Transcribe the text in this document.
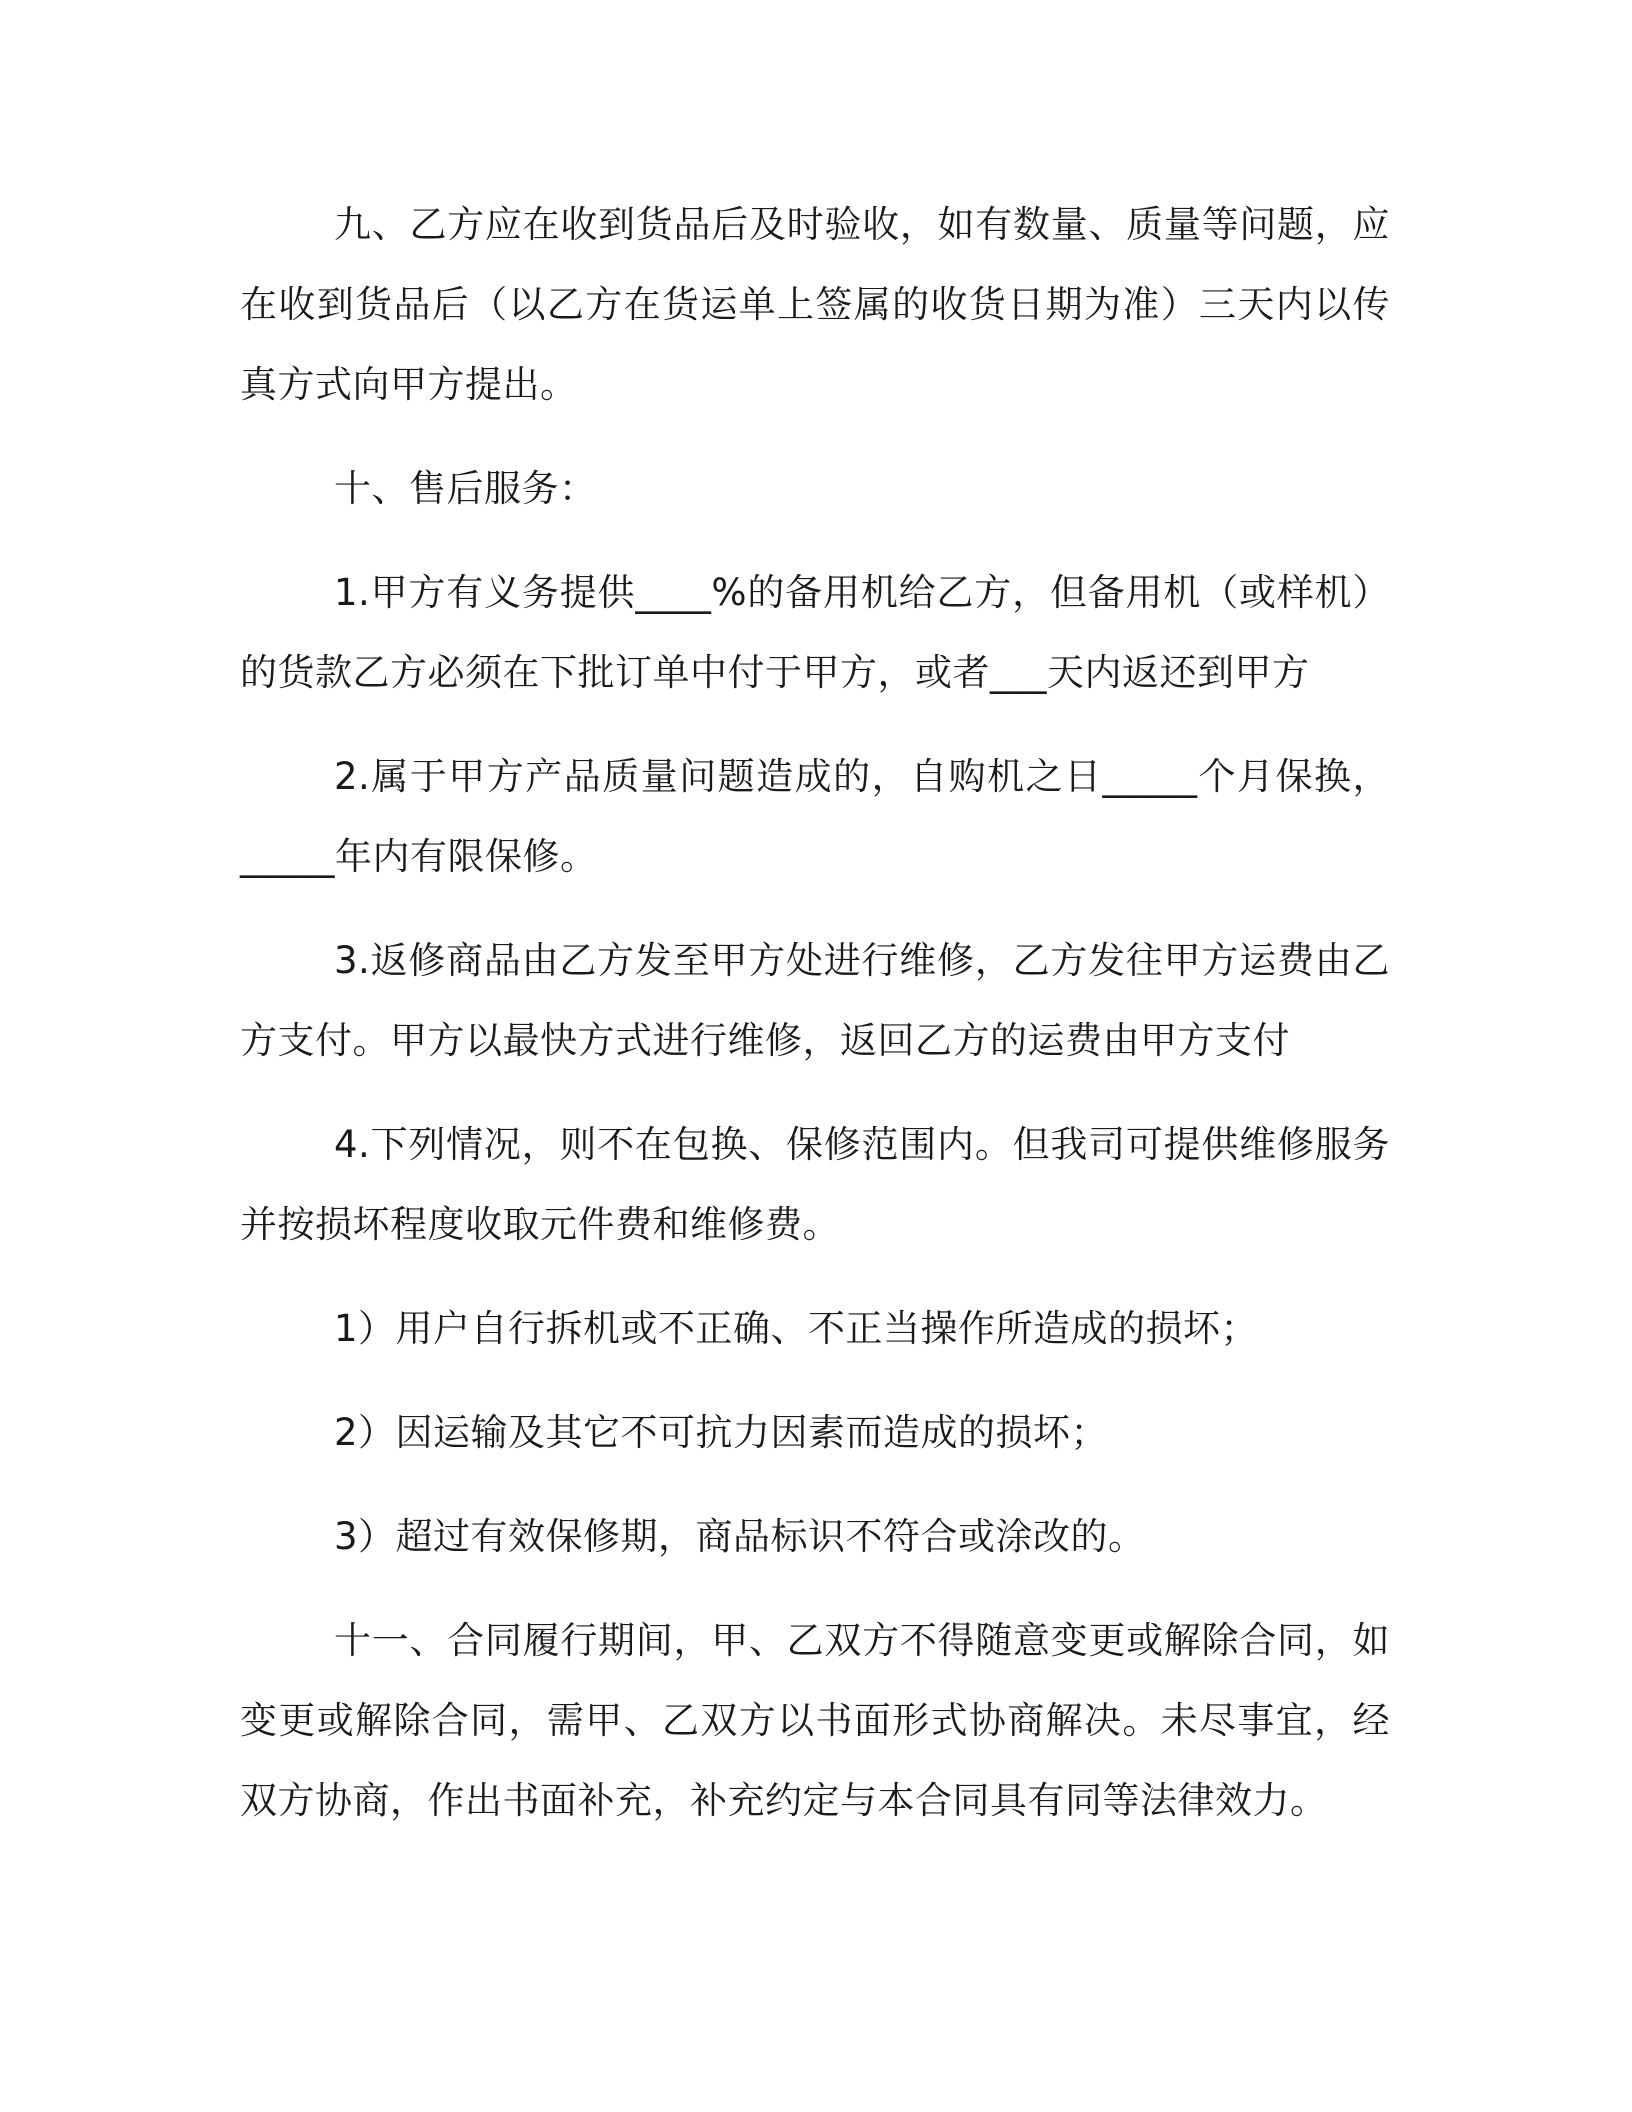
九、乙方应在收到货品后及时验收，如有数量、质量等问题，应在收到货品后（以乙方在货运单上签属的收货日期为准）三天内以传真方式向甲方提出。

十、售后服务：

1.甲方有义务提供____%的备用机给乙方，但备用机（或样机）的货款乙方必须在下批订单中付于甲方，或者___天内返还到甲方

2.属于甲方产品质量问题造成的，自购机之日_____个月保换，_____年内有限保修。

3.返修商品由乙方发至甲方处进行维修，乙方发往甲方运费由乙方支付。甲方以最快方式进行维修，返回乙方的运费由甲方支付

4.下列情况，则不在包换、保修范围内。但我司可提供维修服务并按损坏程度收取元件费和维修费。

1）用户自行拆机或不正确、不正当操作所造成的损坏；

2）因运输及其它不可抗力因素而造成的损坏；

3）超过有效保修期，商品标识不符合或涂改的。

十一、合同履行期间，甲、乙双方不得随意变更或解除合同，如变更或解除合同，需甲、乙双方以书面形式协商解决。未尽事宜，经双方协商，作出书面补充，补充约定与本合同具有同等法律效力。
